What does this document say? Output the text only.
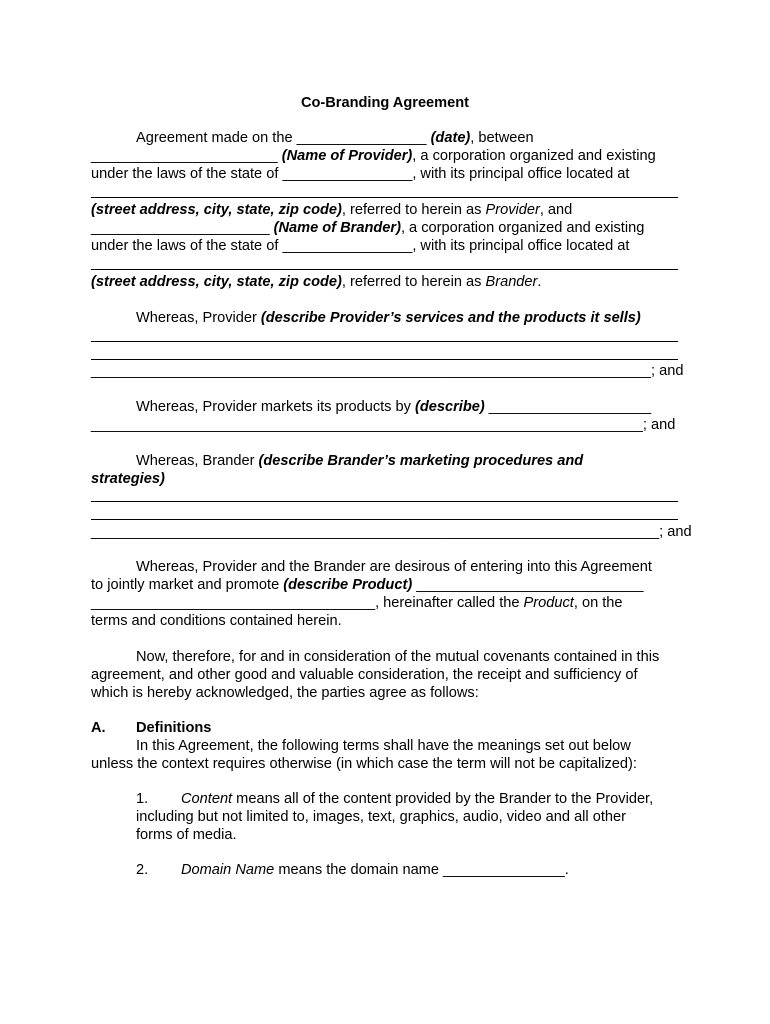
Co-Branding Agreement
Agreement made on the ________________ (date), between
_______________________ (Name of Provider), a corporation organized and existing
under the laws of the state of ________________, with its principal office located at
(street address, city, state, zip code), referred to herein as Provider, and
______________________ (Name of Brander), a corporation organized and existing
under the laws of the state of ________________, with its principal office located at
(street address, city, state, zip code), referred to herein as Brander.
Whereas, Provider (describe Provider’s services and the products it sells)
_____________________________________________________________________; and
Whereas, Provider markets its products by (describe) ____________________
____________________________________________________________________; and
Whereas, Brander (describe Brander’s marketing procedures and
strategies)
______________________________________________________________________; and
Whereas, Provider and the Brander are desirous of entering into this Agreement
to jointly market and promote (describe Product) ____________________________
___________________________________, hereinafter called the Product, on the
terms and conditions contained herein.
Now, therefore, for and in consideration of the mutual covenants contained in this
agreement, and other good and valuable consideration, the receipt and sufficiency of
which is hereby acknowledged, the parties agree as follows:
A. Definitions
In this Agreement, the following terms shall have the meanings set out below
unless the context requires otherwise (in which case the term will not be capitalized):
1. Content means all of the content provided by the Brander to the Provider,
including but not limited to, images, text, graphics, audio, video and all other
forms of media.
2. Domain Name means the domain name _______________.
